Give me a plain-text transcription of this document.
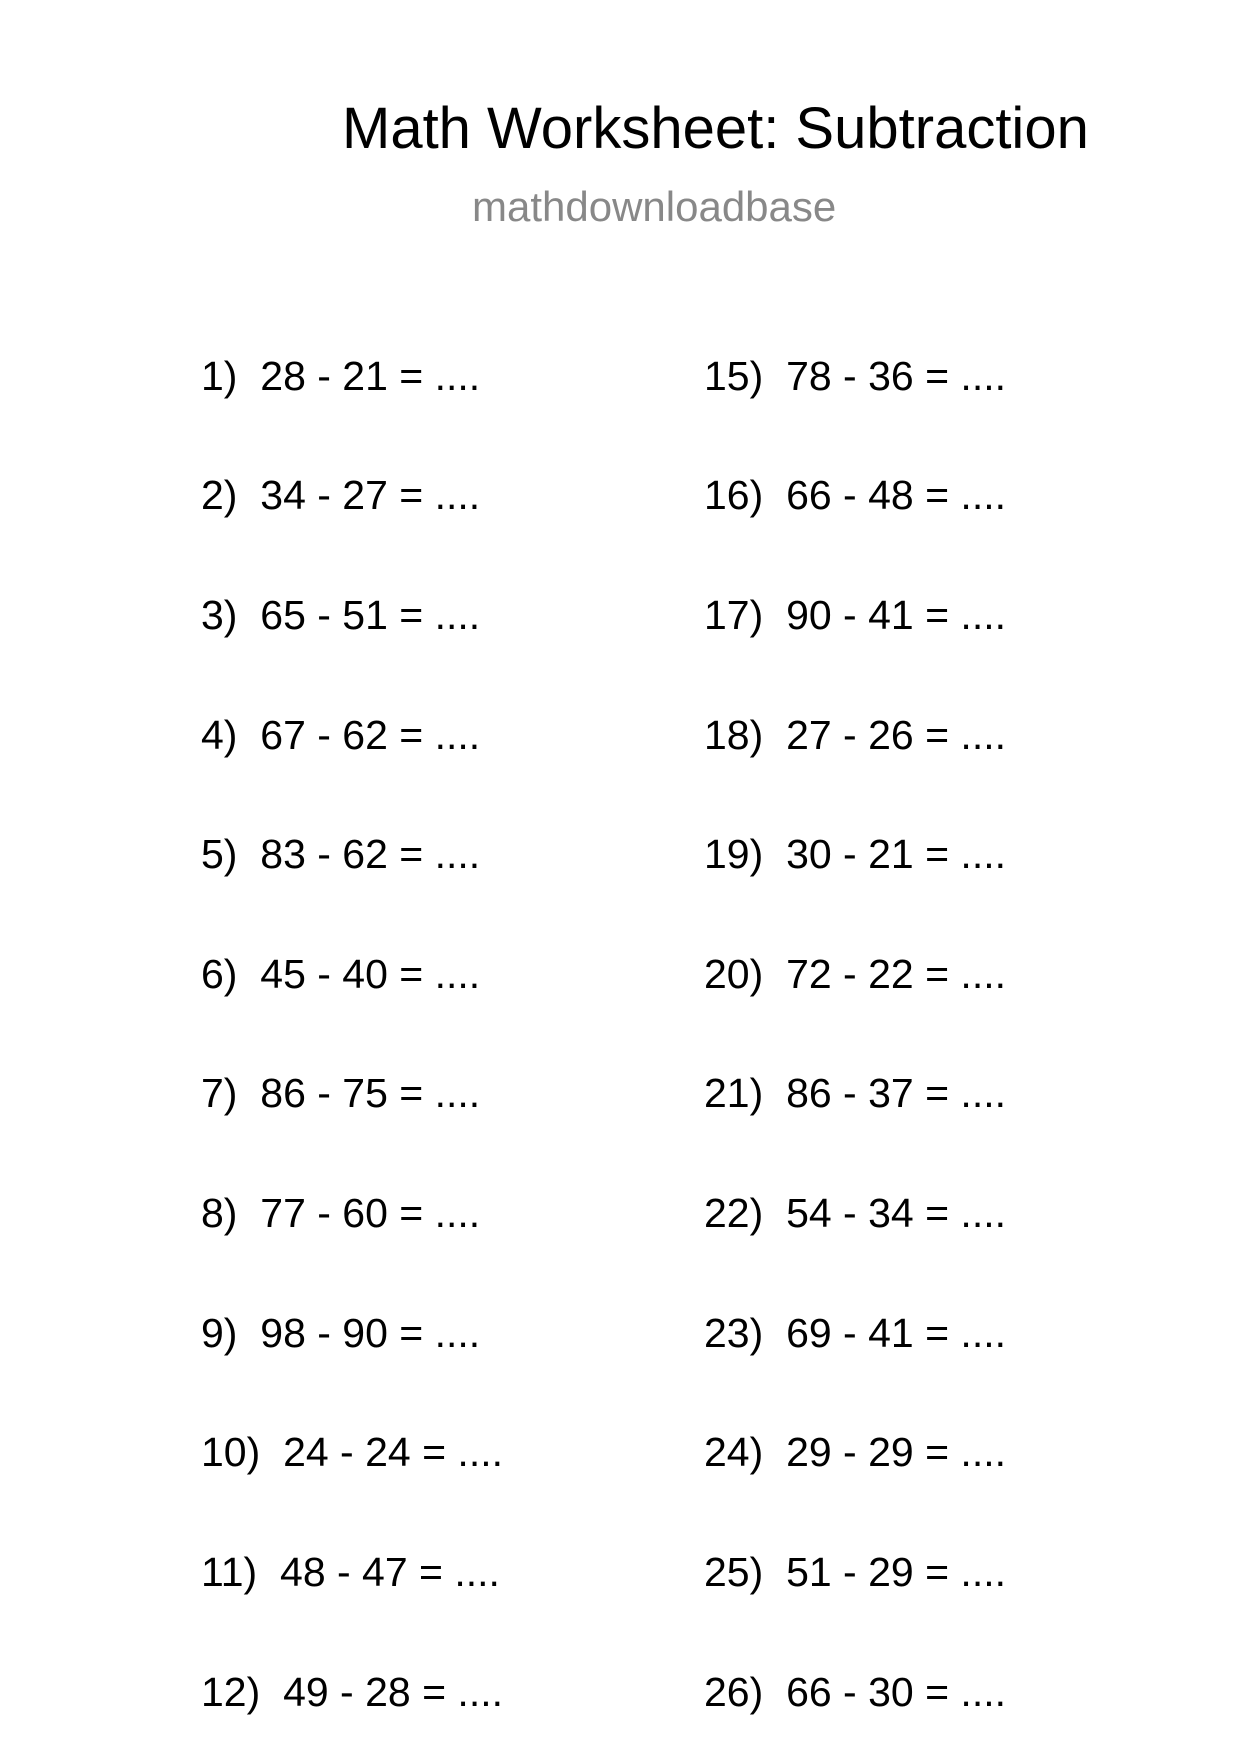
Math Worksheet: Subtraction
mathdownloadbase
1) 28 - 21 = ....
2) 34 - 27 = ....
3) 65 - 51 = ....
4) 67 - 62 = ....
5) 83 - 62 = ....
6) 45 - 40 = ....
7) 86 - 75 = ....
8) 77 - 60 = ....
9) 98 - 90 = ....
10) 24 - 24 = ....
11) 48 - 47 = ....
12) 49 - 28 = ....
15) 78 - 36 = ....
16) 66 - 48 = ....
17) 90 - 41 = ....
18) 27 - 26 = ....
19) 30 - 21 = ....
20) 72 - 22 = ....
21) 86 - 37 = ....
22) 54 - 34 = ....
23) 69 - 41 = ....
24) 29 - 29 = ....
25) 51 - 29 = ....
26) 66 - 30 = ....
